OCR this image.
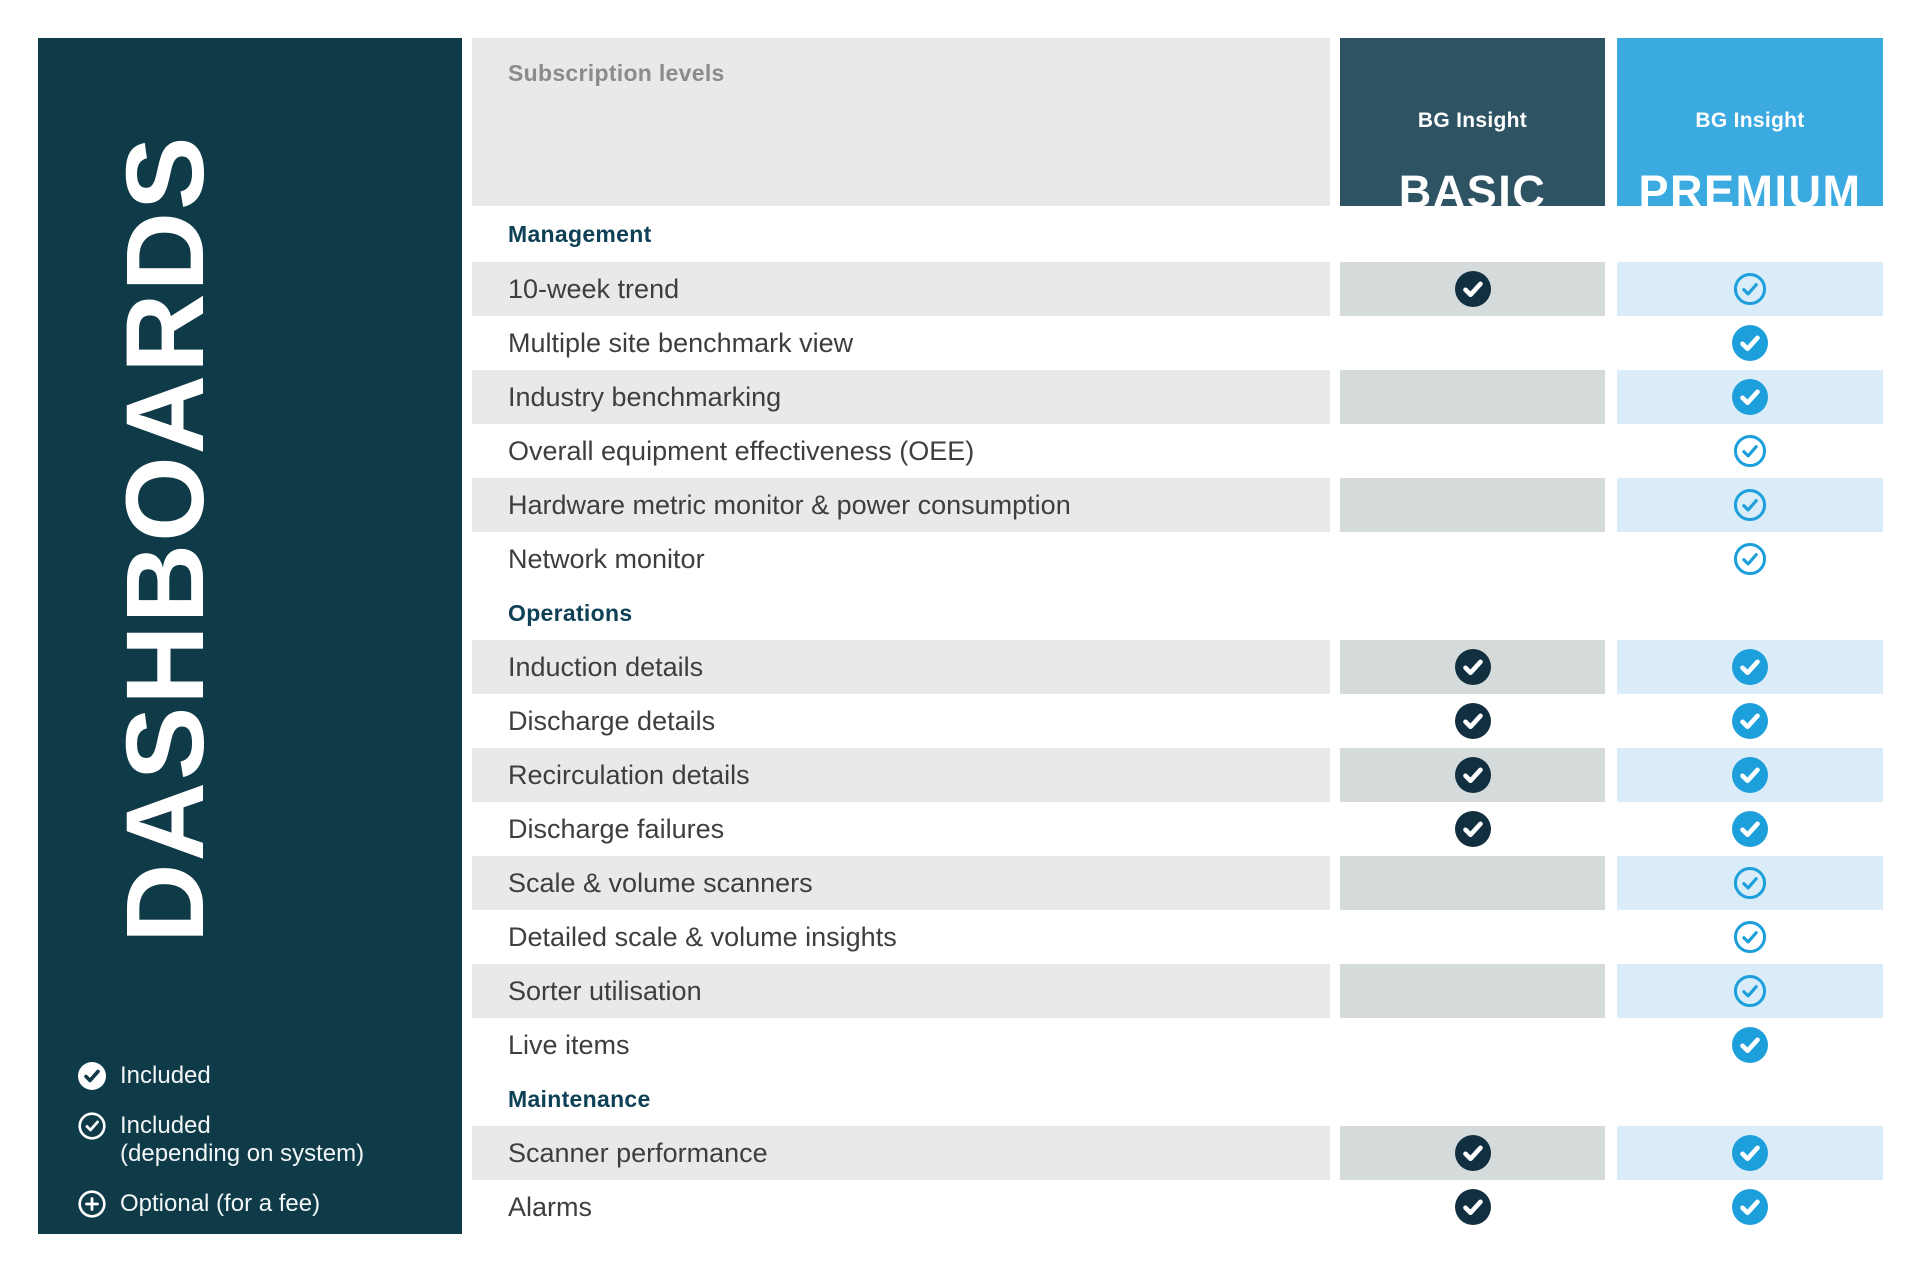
DASHBOARDS
Included
Included
(depending on system)
Optional (for a fee)
Subscription levels
BG Insight
BASIC
BG Insight
PREMIUM
Management
10-week trend
Multiple site benchmark view
Industry benchmarking
Overall equipment effectiveness (OEE)
Hardware metric monitor & power consumption
Network monitor
Operations
Induction details
Discharge details
Recirculation details
Discharge failures
Scale & volume scanners
Detailed scale & volume insights
Sorter utilisation
Live items
Maintenance
Scanner performance
Alarms
